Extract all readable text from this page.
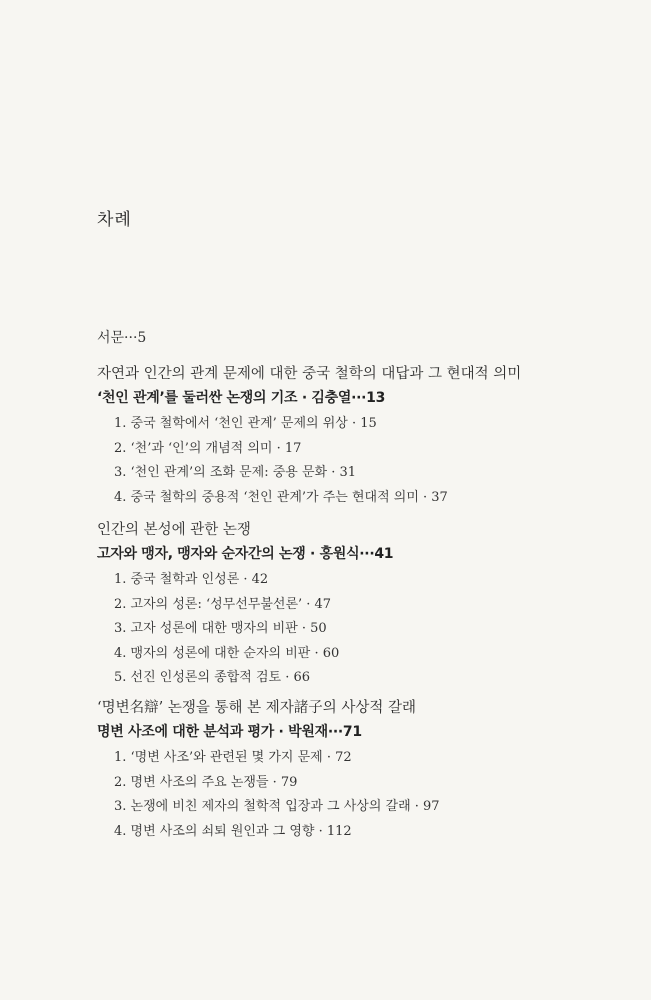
차례
서문···5
자연과 인간의 관계 문제에 대한 중국 철학의 대답과 그 현대적 의미
‘천인 관계’를 둘러싼 논쟁의 기조 · 김충열···13
1. 중국 철학에서 ‘천인 관계’ 문제의 위상 · 15
2. ‘천’과 ‘인’의 개념적 의미 · 17
3. ‘천인 관계’의 조화 문제: 중용 문화 · 31
4. 중국 철학의 중용적 ‘천인 관계’가 주는 현대적 의미 · 37
인간의 본성에 관한 논쟁
고자와 맹자, 맹자와 순자간의 논쟁 · 홍원식···41
1. 중국 철학과 인성론 · 42
2. 고자의 성론: ‘성무선무불선론’ · 47
3. 고자 성론에 대한 맹자의 비판 · 50
4. 맹자의 성론에 대한 순자의 비판 · 60
5. 선진 인성론의 종합적 검토 · 66
‘명변名辯’ 논쟁을 통해 본 제자諸子의 사상적 갈래
명변 사조에 대한 분석과 평가 · 박원재···71
1. ‘명변 사조’와 관련된 몇 가지 문제 · 72
2. 명변 사조의 주요 논쟁들 · 79
3. 논쟁에 비친 제자의 철학적 입장과 그 사상의 갈래 · 97
4. 명변 사조의 쇠퇴 원인과 그 영향 · 112
